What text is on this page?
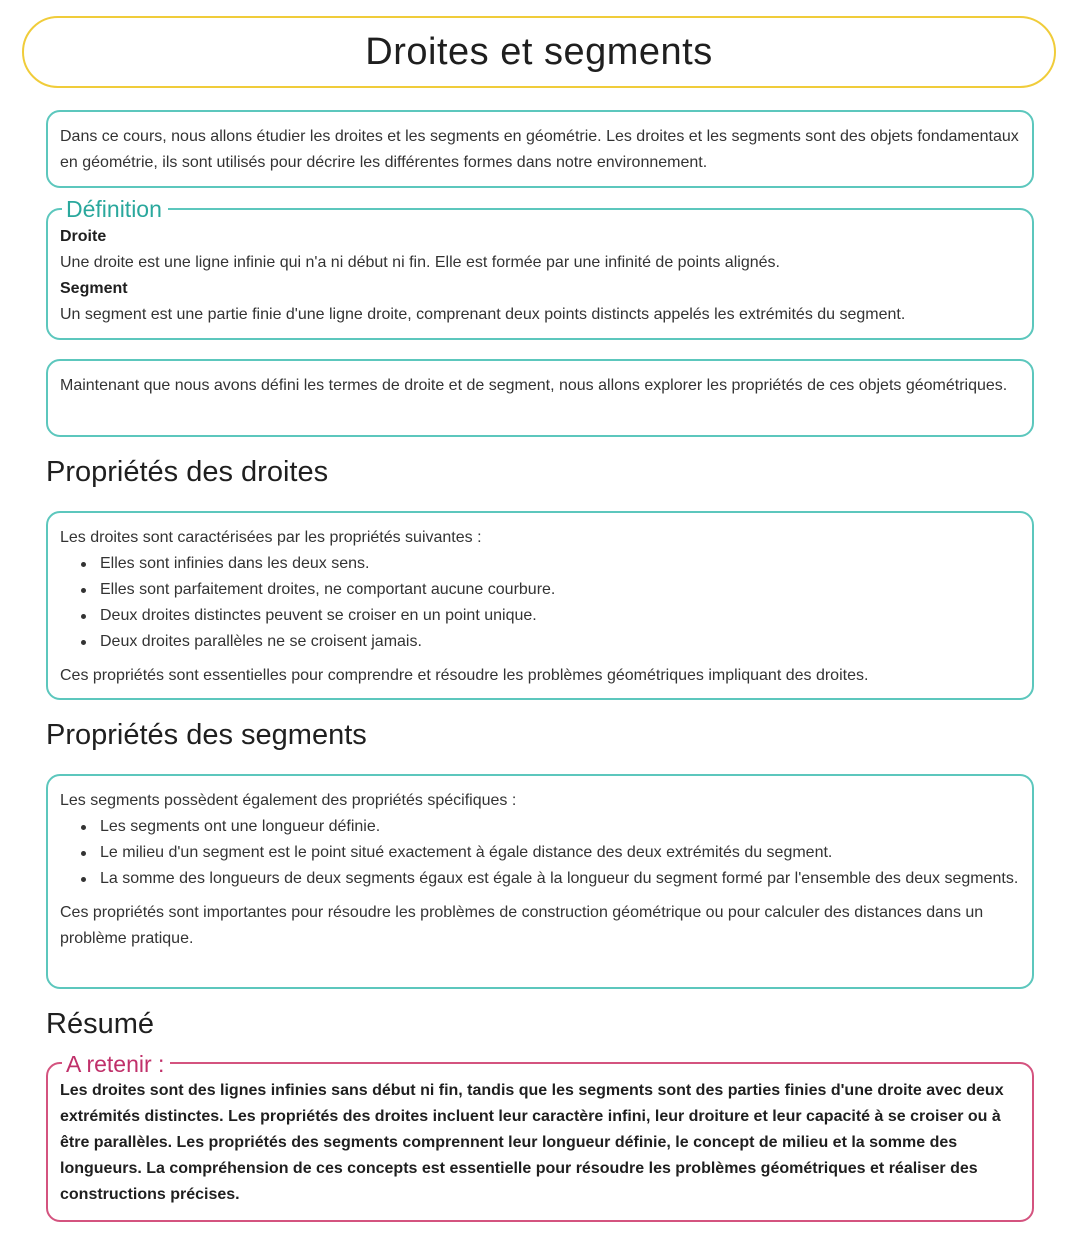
Droites et segments

Dans ce cours, nous allons étudier les droites et les segments en géométrie. Les droites et les segments sont des objets fondamentaux en géométrie, ils sont utilisés pour décrire les différentes formes dans notre environnement.

Droite

Une droite est une ligne infinie qui n'a ni début ni fin. Elle est formée par une infinité de points alignés.

Segment

Un segment est une partie finie d'une ligne droite, comprenant deux points distincts appelés les extrémités du segment.

Définition

Maintenant que nous avons défini les termes de droite et de segment, nous allons explorer les propriétés de ces objets géométriques.

Propriétés des droites

Les droites sont caractérisées par les propriétés suivantes :

Elles sont infinies dans les deux sens.
Elles sont parfaitement droites, ne comportant aucune courbure.
Deux droites distinctes peuvent se croiser en un point unique.
Deux droites parallèles ne se croisent jamais.

Ces propriétés sont essentielles pour comprendre et résoudre les problèmes géométriques impliquant des droites.

Propriétés des segments

Les segments possèdent également des propriétés spécifiques :

Les segments ont une longueur définie.
Le milieu d'un segment est le point situé exactement à égale distance des deux extrémités du segment.
La somme des longueurs de deux segments égaux est égale à la longueur du segment formé par l'ensemble des deux segments.

Ces propriétés sont importantes pour résoudre les problèmes de construction géométrique ou pour calculer des distances dans un problème pratique.

Résumé

Les droites sont des lignes infinies sans début ni fin, tandis que les segments sont des parties finies d'une droite avec deux extrémités distinctes. Les propriétés des droites incluent leur caractère infini, leur droiture et leur capacité à se croiser ou à être parallèles. Les propriétés des segments comprennent leur longueur définie, le concept de milieu et la somme des longueurs. La compréhension de ces concepts est essentielle pour résoudre les problèmes géométriques et réaliser des constructions précises.

A retenir :
